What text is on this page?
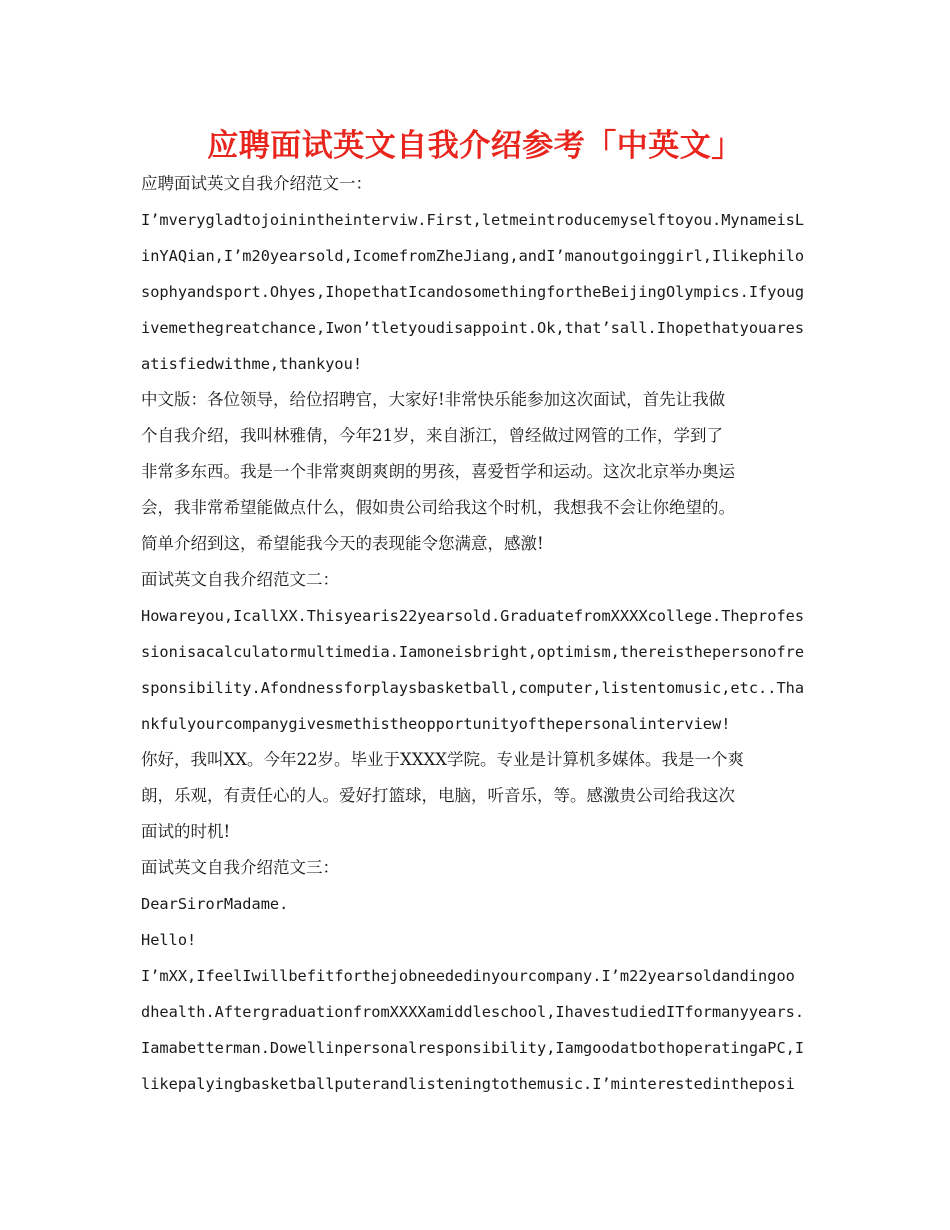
应聘面试英文自我介绍参考「中英文」
应聘面试英文自我介绍范文一：
I’mverygladtojoinintheinterviw.First,letmeintroducemyselftoyou.MynameisL
inYAQian,I’m20yearsold,IcomefromZheJiang,andI’manoutgoinggirl,Ilikephilo
sophyandsport.Ohyes,IhopethatIcandosomethingfortheBeijingOlympics.Ifyoug
ivemethegreatchance,Iwon’tletyoudisappoint.Ok,that’sall.Ihopethatyouares
atisfiedwithme,thankyou!
中文版：各位领导，给位招聘官，大家好!非常快乐能参加这次面试，首先让我做
个自我介绍，我叫林雅倩，今年21岁，来自浙江，曾经做过网管的工作，学到了
非常多东西。我是一个非常爽朗爽朗的男孩，喜爱哲学和运动。这次北京举办奥运
会，我非常希望能做点什么，假如贵公司给我这个时机，我想我不会让你绝望的。
简单介绍到这，希望能我今天的表现能令您满意，感激!
面试英文自我介绍范文二：
Howareyou,IcallXX.Thisyearis22yearsold.GraduatefromXXXXcollege.Theprofes
sionisacalculatormultimedia.Iamoneisbright,optimism,thereisthepersonofre
sponsibility.Afondnessforplaysbasketball,computer,listentomusic,etc..Tha
nkfulyourcompanygivesmethistheopportunityofthepersonalinterview!
你好，我叫XX。今年22岁。毕业于XXXX学院。专业是计算机多媒体。我是一个爽
朗，乐观，有责任心的人。爱好打篮球，电脑，听音乐，等。感激贵公司给我这次
面试的时机!
面试英文自我介绍范文三：
DearSirorMadame.
Hello!
I’mXX,IfeelIwillbefitforthejobneededinyourcompany.I’m22yearsoldandingoo
dhealth.AftergraduationfromXXXXamiddleschool,IhavestudiedITformanyyears.
Iamabetterman.Dowellinpersonalresponsibility,IamgoodatbothoperatingaPC,I
likepalyingbasketballputerandlisteningtothemusic.I’minterestedintheposi
